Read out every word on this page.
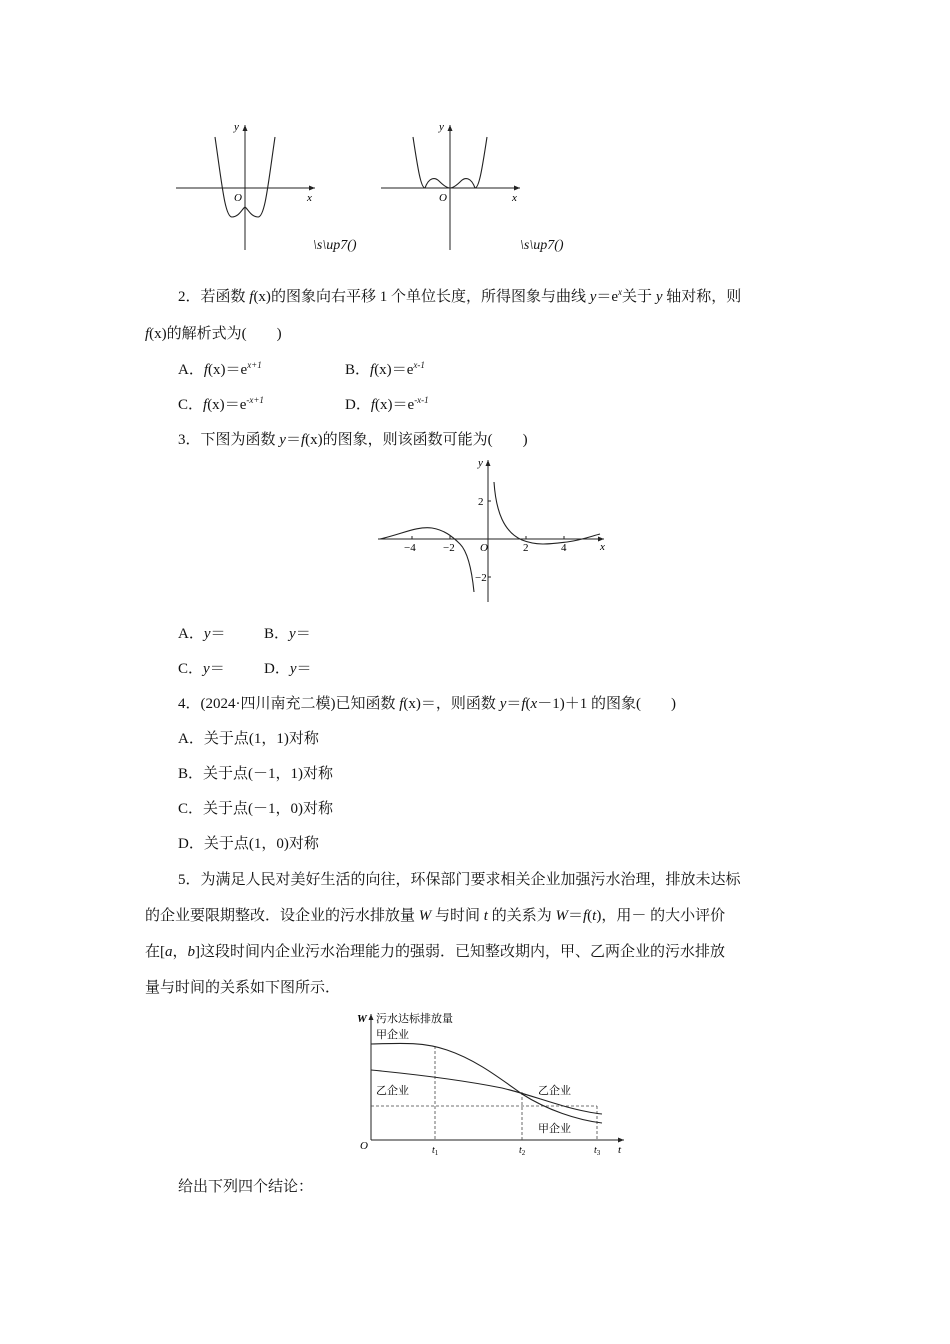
y
x
O
\s\up7()
y
x
O
\s\up7()
2．若函数 f(x)的图象向右平移 1 个单位长度，所得图象与曲线 $y=e^x$关于 y 轴对称，则
f(x)的解析式为(　　)
A．$f(x)=e^{x+1}$	B．$f(x)=e^{x-1}$
C．$f(x)=e^{-x+1}$	D．$f(x)=e^{-x-1}$
3．下图为函数 y＝f(x)的图象，则该函数可能为(　　)
y
x
O
−4 −2	2	4
2
−2
A．y＝	B．y＝
C．y＝	D．y＝
4．(2024·四川南充二模)已知函数 f(x)＝，则函数 y＝f(x－1)＋1 的图象(　　)
A．关于点(1，1)对称
B．关于点(－1，1)对称
C．关于点(－1，0)对称
D．关于点(1，0)对称
5．为满足人民对美好生活的向往，环保部门要求相关企业加强污水治理，排放未达标
的企业要限期整改．设企业的污水排放量 W 与时间 t 的关系为 W＝f(t)，用－ 的大小评价
在[a，b]这段时间内企业污水治理能力的强弱．已知整改期内，甲、乙两企业的污水排放
量与时间的关系如下图所示．
W 污水达标排放量
甲企业
乙企业	乙企业
甲企业
O	t
$t_1$	$t_2$	$t_3$
给出下列四个结论：
